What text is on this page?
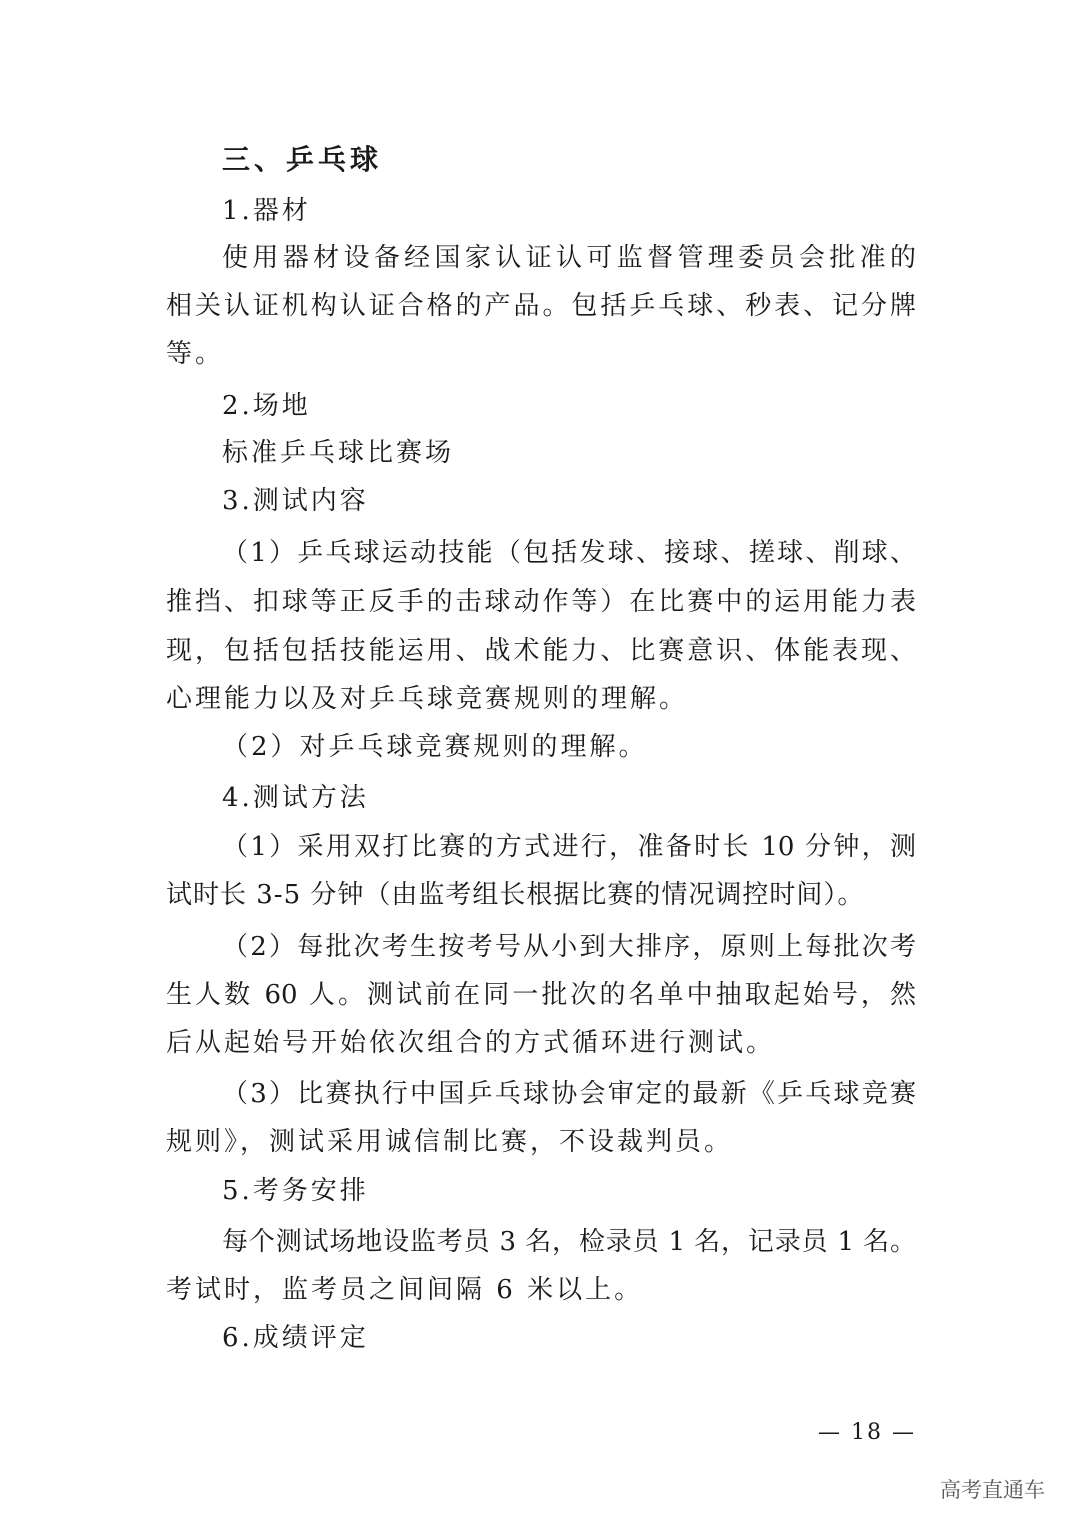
三、乒乓球
1.器材
使用器材设备经国家认证认可监督管理委员会批准的
相关认证机构认证合格的产品。包括乒乓球、秒表、记分牌
等。
2.场地
标准乒乓球比赛场
3.测试内容
（1）乒乓球运动技能（包括发球、接球、搓球、削球、
推挡、扣球等正反手的击球动作等）在比赛中的运用能力表
现，包括包括技能运用、战术能力、比赛意识、体能表现、
心理能力以及对乒乓球竞赛规则的理解。
（2）对乒乓球竞赛规则的理解。
4.测试方法
（1）采用双打比赛的方式进行，准备时长 10 分钟，测
试时长 3-5 分钟（由监考组长根据比赛的情况调控时间）。
（2）每批次考生按考号从小到大排序，原则上每批次考
生人数 60 人。测试前在同一批次的名单中抽取起始号，然
后从起始号开始依次组合的方式循环进行测试。
（3）比赛执行中国乒乓球协会审定的最新《乒乓球竞赛
规则》，测试采用诚信制比赛，不设裁判员。
5.考务安排
每个测试场地设监考员 3 名，检录员 1 名，记录员 1 名。
考试时，监考员之间间隔 6 米以上。
6.成绩评定
— 18 —
高考直通车
